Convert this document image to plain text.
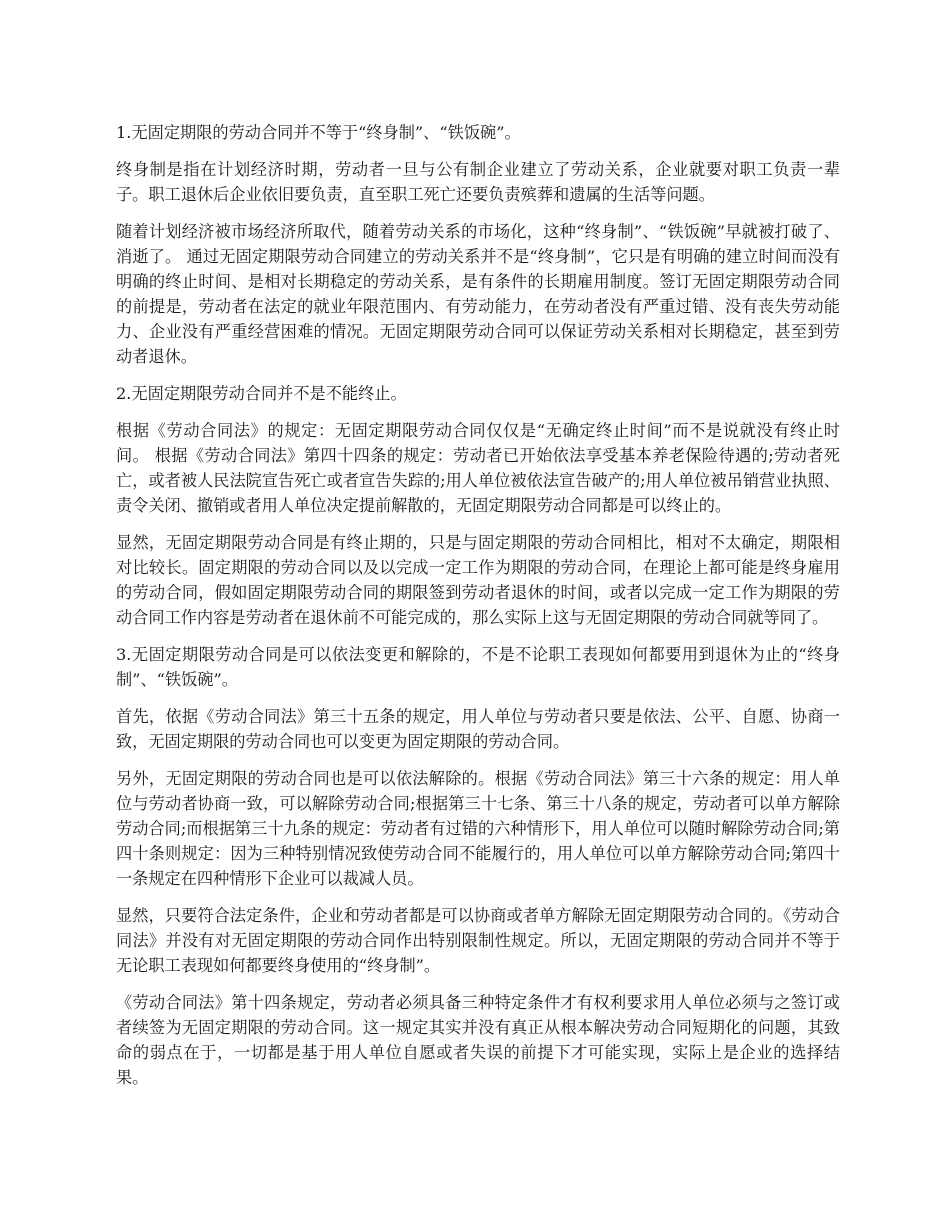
1.无固定期限的劳动合同并不等于“终身制”、“铁饭碗”。

终身制是指在计划经济时期，劳动者一旦与公有制企业建立了劳动关系，企业就要对职工负责一辈子。职工退休后企业依旧要负责，直至职工死亡还要负责殡葬和遗属的生活等问题。

随着计划经济被市场经济所取代，随着劳动关系的市场化，这种“终身制”、“铁饭碗”早就被打破了、消逝了。 通过无固定期限劳动合同建立的劳动关系并不是“终身制”，它只是有明确的建立时间而没有明确的终止时间、是相对长期稳定的劳动关系，是有条件的长期雇用制度。签订无固定期限劳动合同的前提是，劳动者在法定的就业年限范围内、有劳动能力，在劳动者没有严重过错、没有丧失劳动能力、企业没有严重经营困难的情况。无固定期限劳动合同可以保证劳动关系相对长期稳定，甚至到劳动者退休。

2.无固定期限劳动合同并不是不能终止。

根据《劳动合同法》的规定：无固定期限劳动合同仅仅是“无确定终止时间”而不是说就没有终止时间。 根据《劳动合同法》第四十四条的规定：劳动者已开始依法享受基本养老保险待遇的;劳动者死亡，或者被人民法院宣告死亡或者宣告失踪的;用人单位被依法宣告破产的;用人单位被吊销营业执照、责令关闭、撤销或者用人单位决定提前解散的，无固定期限劳动合同都是可以终止的。

显然，无固定期限劳动合同是有终止期的，只是与固定期限的劳动合同相比，相对不太确定，期限相对比较长。固定期限的劳动合同以及以完成一定工作为期限的劳动合同，在理论上都可能是终身雇用的劳动合同，假如固定期限劳动合同的期限签到劳动者退休的时间，或者以完成一定工作为期限的劳动合同工作内容是劳动者在退休前不可能完成的，那么实际上这与无固定期限的劳动合同就等同了。

3.无固定期限劳动合同是可以依法变更和解除的，不是不论职工表现如何都要用到退休为止的“终身制”、“铁饭碗”。

首先，依据《劳动合同法》第三十五条的规定，用人单位与劳动者只要是依法、公平、自愿、协商一致，无固定期限的劳动合同也可以变更为固定期限的劳动合同。

另外，无固定期限的劳动合同也是可以依法解除的。根据《劳动合同法》第三十六条的规定：用人单位与劳动者协商一致，可以解除劳动合同;根据第三十七条、第三十八条的规定，劳动者可以单方解除劳动合同;而根据第三十九条的规定：劳动者有过错的六种情形下，用人单位可以随时解除劳动合同;第四十条则规定：因为三种特别情况致使劳动合同不能履行的，用人单位可以单方解除劳动合同;第四十一条规定在四种情形下企业可以裁减人员。

显然，只要符合法定条件，企业和劳动者都是可以协商或者单方解除无固定期限劳动合同的。《劳动合同法》并没有对无固定期限的劳动合同作出特别限制性规定。所以，无固定期限的劳动合同并不等于无论职工表现如何都要终身使用的“终身制”。

《劳动合同法》第十四条规定，劳动者必须具备三种特定条件才有权利要求用人单位必须与之签订或者续签为无固定期限的劳动合同。这一规定其实并没有真正从根本解决劳动合同短期化的问题，其致命的弱点在于，一切都是基于用人单位自愿或者失误的前提下才可能实现，实际上是企业的选择结果。
